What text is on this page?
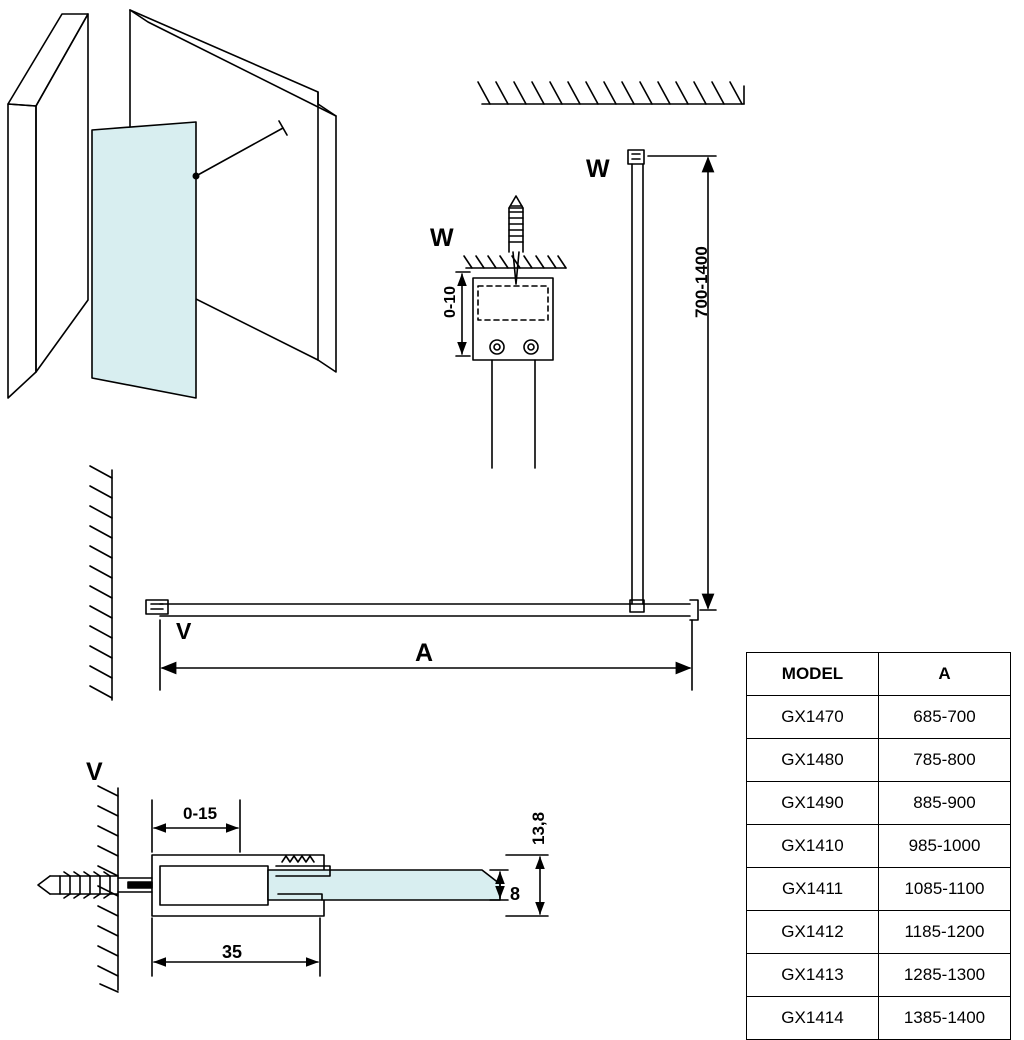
W
W
V
V
A
700-1400
0-10
0-15
35
8
13,8
MODEL	A
GX1470	685-700
GX1480	785-800
GX1490	885-900
GX1410	985-1000
GX1411	1085-1100
GX1412	1185-1200
GX1413	1285-1300
GX1414	1385-1400
